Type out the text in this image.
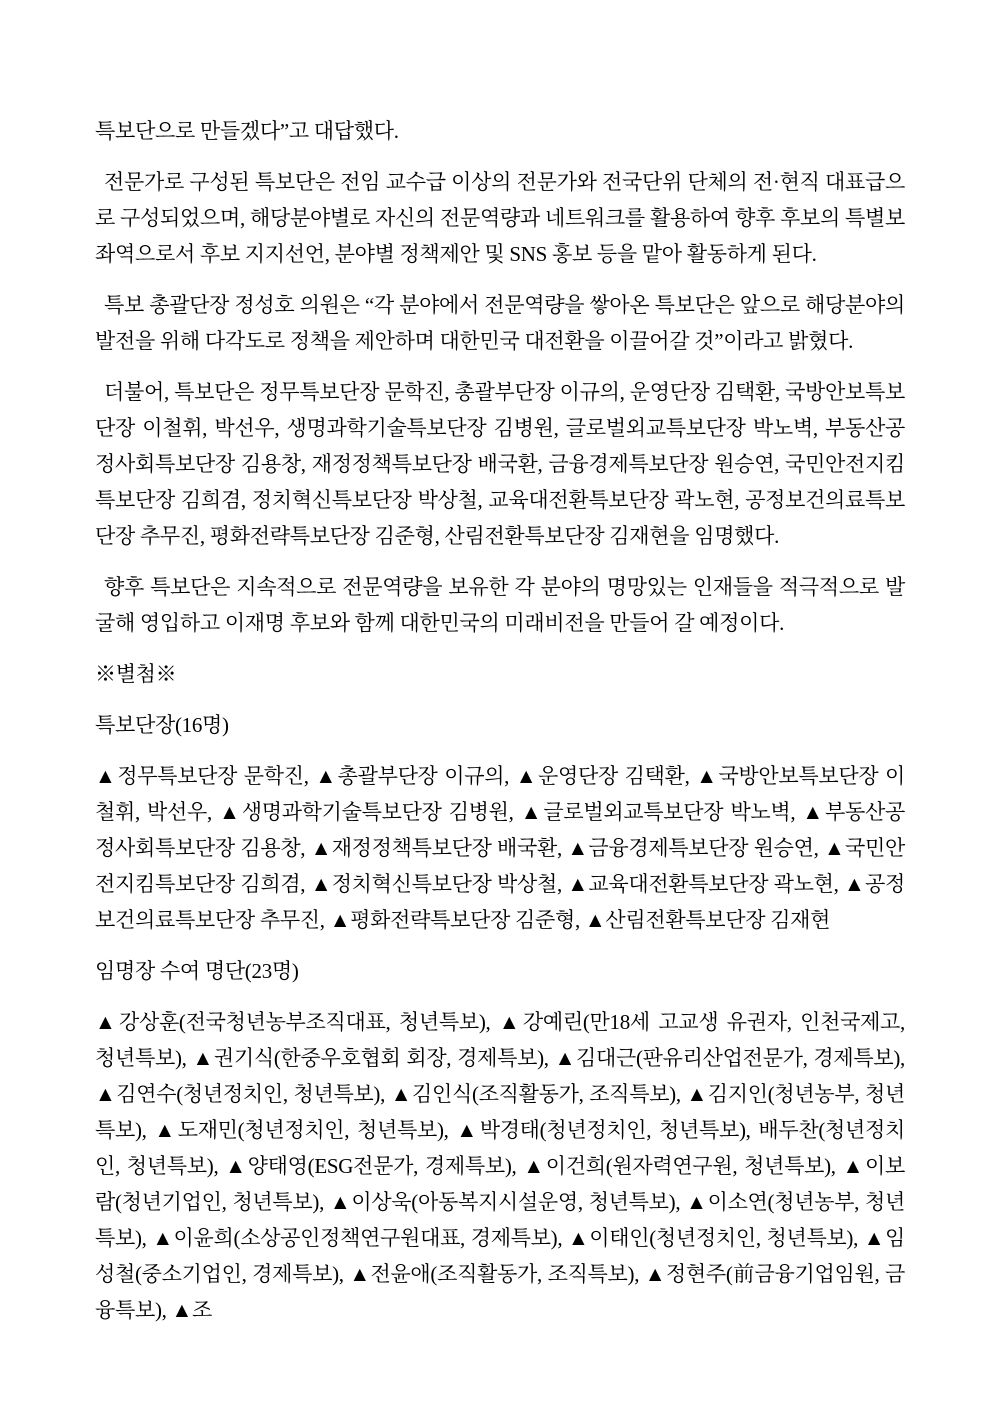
특보단으로 만들겠다”고 대답했다.

전문가로 구성된 특보단은 전임 교수급 이상의 전문가와 전국단위 단체의 전·현직 대표급으로 구성되었으며, 해당분야별로 자신의 전문역량과 네트워크를 활용하여 향후 후보의 특별보좌역으로서 후보 지지선언, 분야별 정책제안 및 SNS 홍보 등을 맡아 활동하게 된다.

특보 총괄단장 정성호 의원은 “각 분야에서 전문역량을 쌓아온 특보단은 앞으로 해당분야의 발전을 위해 다각도로 정책을 제안하며 대한민국 대전환을 이끌어갈 것”이라고 밝혔다.

더불어, 특보단은 정무특보단장 문학진, 총괄부단장 이규의, 운영단장 김택환, 국방안보특보단장 이철휘, 박선우, 생명과학기술특보단장 김병원, 글로벌외교특보단장 박노벽, 부동산공정사회특보단장 김용창, 재정정책특보단장 배국환, 금융경제특보단장 원승연, 국민안전지킴특보단장 김희겸, 정치혁신특보단장 박상철, 교육대전환특보단장 곽노현, 공정보건의료특보단장 추무진, 평화전략특보단장 김준형, 산림전환특보단장 김재현을 임명했다.

향후 특보단은 지속적으로 전문역량을 보유한 각 분야의 명망있는 인재들을 적극적으로 발굴해 영입하고 이재명 후보와 함께 대한민국의 미래비전을 만들어 갈 예정이다.

※별첨※

특보단장(16명)

▲정무특보단장 문학진, ▲총괄부단장 이규의, ▲운영단장 김택환, ▲국방안보특보단장 이철휘, 박선우, ▲생명과학기술특보단장 김병원, ▲글로벌외교특보단장 박노벽, ▲부동산공정사회특보단장 김용창, ▲재정정책특보단장 배국환, ▲금융경제특보단장 원승연, ▲국민안전지킴특보단장 김희겸, ▲정치혁신특보단장 박상철, ▲교육대전환특보단장 곽노현, ▲공정보건의료특보단장 추무진, ▲평화전략특보단장 김준형, ▲산림전환특보단장 김재현

임명장 수여 명단(23명)

▲강상훈(전국청년농부조직대표, 청년특보), ▲강예린(만18세 고교생 유권자, 인천국제고, 청년특보), ▲권기식(한중우호협회 회장, 경제특보), ▲김대근(판유리산업전문가, 경제특보), ▲김연수(청년정치인, 청년특보), ▲김인식(조직활동가, 조직특보), ▲김지인(청년농부, 청년특보), ▲도재민(청년정치인, 청년특보), ▲박경태(청년정치인, 청년특보), 배두찬(청년정치인, 청년특보), ▲양태영(ESG전문가, 경제특보), ▲이건희(원자력연구원, 청년특보), ▲이보람(청년기업인, 청년특보), ▲이상욱(아동복지시설운영, 청년특보), ▲이소연(청년농부, 청년특보), ▲이윤희(소상공인정책연구원대표, 경제특보), ▲이태인(청년정치인, 청년특보), ▲임성철(중소기업인, 경제특보), ▲전윤애(조직활동가, 조직특보), ▲정현주(前금융기업임원, 금융특보), ▲조
